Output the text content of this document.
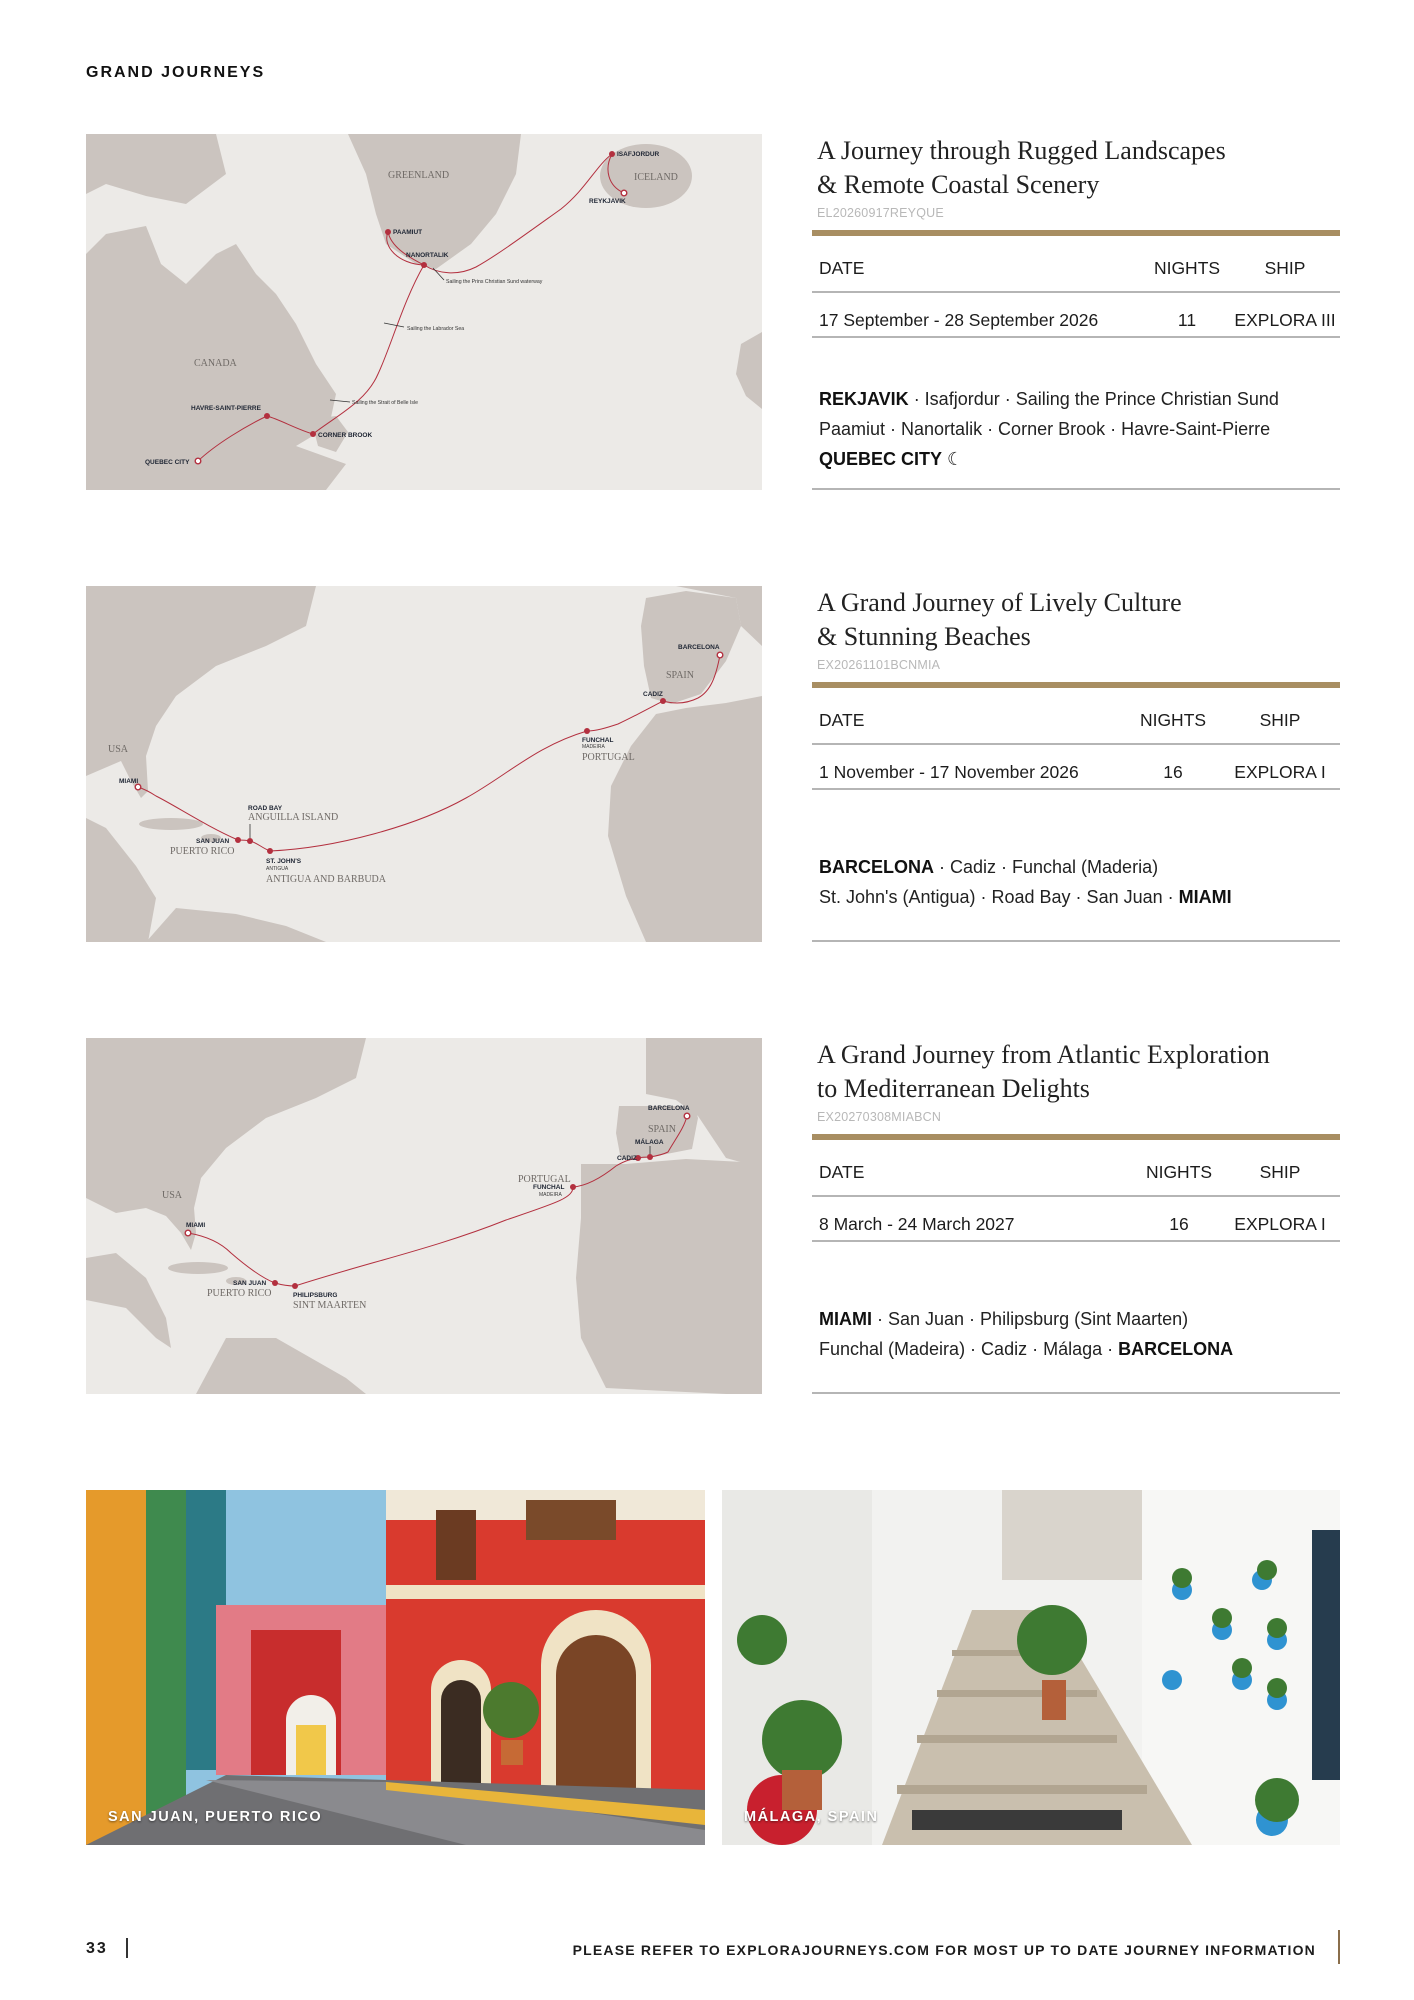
GRAND JOURNEYS
ISAFJORDUR
REYKJAVIK
ICELAND
GREENLAND
PAAMIUT
NANORTALIK
Sailing the Prins Christian Sund waterway
Sailing the Labrador Sea
CANADA
Sailing the Strait of Belle Isle
HAVRE-SAINT-PIERRE
CORNER BROOK
QUEBEC CITY
A Journey through Rugged Landscapes
& Remote Coastal Scenery
EL20260917REYQUE
DATE	NIGHTS	SHIP
17 September - 28 September 2026	11	EXPLORA III
REKJAVIK · Isafjordur · Sailing the Prince Christian Sund
Paamiut · Nanortalik · Corner Brook · Havre-Saint-Pierre
QUEBEC CITY ☾
BARCELONA
SPAIN
CADIZ
FUNCHAL
MADEIRA
PORTUGAL
USA
MIAMI
ROAD BAY
ANGUILLA ISLAND
SAN JUAN
PUERTO RICO
ST. JOHN'S
ANTIGUA
ANTIGUA AND BARBUDA
A Grand Journey of Lively Culture
& Stunning Beaches
EX20261101BCNMIA
DATE	NIGHTS	SHIP
1 November - 17 November 2026	16	EXPLORA I
BARCELONA · Cadiz · Funchal (Maderia)
St. John's (Antigua) · Road Bay · San Juan · MIAMI
BARCELONA
SPAIN
MÁLAGA
CADIZ
PORTUGAL
FUNCHAL
MADEIRA
USA
MIAMI
SAN JUAN
PUERTO RICO	PHILIPSBURG
SINT MAARTEN
A Grand Journey from Atlantic Exploration
to Mediterranean Delights
EX20270308MIABCN
DATE	NIGHTS	SHIP
8 March - 24 March 2027	16	EXPLORA I
MIAMI · San Juan · Philipsburg (Sint Maarten)
Funchal (Madeira) · Cadiz · Málaga · BARCELONA
SAN JUAN, PUERTO RICO	MÁLAGA, SPAIN
33	PLEASE REFER TO EXPLORAJOURNEYS.COM FOR MOST UP TO DATE JOURNEY INFORMATION
